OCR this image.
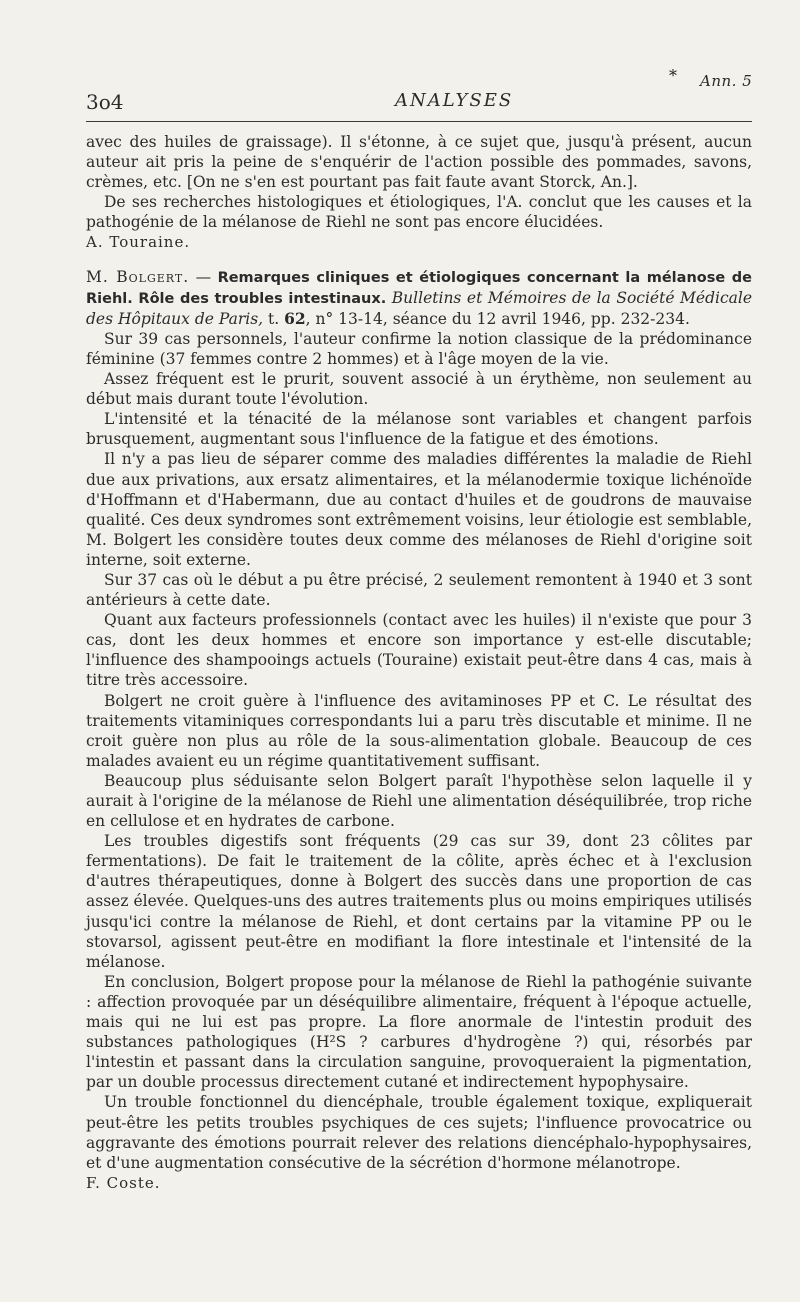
* Ann. 5
3o4	ANALYSES

avec des huiles de graissage). Il s'étonne, à ce sujet que, jusqu'à présent, aucun auteur ait pris la peine de s'enquérir de l'action possible des pommades, savons, crèmes, etc. [On ne s'en est pourtant pas fait faute avant Storck, An.].

De ses recherches histologiques et étiologiques, l'A. conclut que les causes et la pathogénie de la mélanose de Riehl ne sont pas encore élucidées.

A. Touraine.

M. Bolgert. — Remarques cliniques et étiologiques concernant la mélanose de Riehl. Rôle des troubles intestinaux. Bulletins et Mémoires de la Société Médicale des Hôpitaux de Paris, t. 62, n° 13-14, séance du 12 avril 1946, pp. 232-234.

Sur 39 cas personnels, l'auteur confirme la notion classique de la prédominance féminine (37 femmes contre 2 hommes) et à l'âge moyen de la vie.

Assez fréquent est le prurit, souvent associé à un érythème, non seulement au début mais durant toute l'évolution.

L'intensité et la ténacité de la mélanose sont variables et changent parfois brusquement, augmentant sous l'influence de la fatigue et des émotions.

Il n'y a pas lieu de séparer comme des maladies différentes la maladie de Riehl due aux privations, aux ersatz alimentaires, et la mélanodermie toxique lichénoïde d'Hoffmann et d'Habermann, due au contact d'huiles et de goudrons de mauvaise qualité. Ces deux syndromes sont extrêmement voisins, leur étiologie est semblable, M. Bolgert les considère toutes deux comme des mélanoses de Riehl d'origine soit interne, soit externe.

Sur 37 cas où le début a pu être précisé, 2 seulement remontent à 1940 et 3 sont antérieurs à cette date.

Quant aux facteurs professionnels (contact avec les huiles) il n'existe que pour 3 cas, dont les deux hommes et encore son importance y est-elle discutable; l'influence des shampooings actuels (Touraine) existait peut-être dans 4 cas, mais à titre très accessoire.

Bolgert ne croit guère à l'influence des avitaminoses PP et C. Le résultat des traitements vitaminiques correspondants lui a paru très discutable et minime. Il ne croit guère non plus au rôle de la sous-alimentation globale. Beaucoup de ces malades avaient eu un régime quantitativement suffisant.

Beaucoup plus séduisante selon Bolgert paraît l'hypothèse selon laquelle il y aurait à l'origine de la mélanose de Riehl une alimentation déséquilibrée, trop riche en cellulose et en hydrates de carbone.

Les troubles digestifs sont fréquents (29 cas sur 39, dont 23 côlites par fermentations). De fait le traitement de la côlite, après échec et à l'exclusion d'autres thérapeutiques, donne à Bolgert des succès dans une proportion de cas assez élevée. Quelques-uns des autres traitements plus ou moins empiriques utilisés jusqu'ici contre la mélanose de Riehl, et dont certains par la vitamine PP ou le stovarsol, agissent peut-être en modifiant la flore intestinale et l'intensité de la mélanose.

En conclusion, Bolgert propose pour la mélanose de Riehl la pathogénie suivante : affection provoquée par un déséquilibre alimentaire, fréquent à l'époque actuelle, mais qui ne lui est pas propre. La flore anormale de l'intestin produit des substances pathologiques (H²S ? carbures d'hydrogène ?) qui, résorbés par l'intestin et passant dans la circulation sanguine, provoqueraient la pigmentation, par un double processus directement cutané et indirectement hypophysaire.

Un trouble fonctionnel du diencéphale, trouble également toxique, expliquerait peut-être les petits troubles psychiques de ces sujets; l'influence provocatrice ou aggravante des émotions pourrait relever des relations diencéphalo-hypophysaires, et d'une augmentation consécutive de la sécrétion d'hormone mélanotrope.

F. Coste.
